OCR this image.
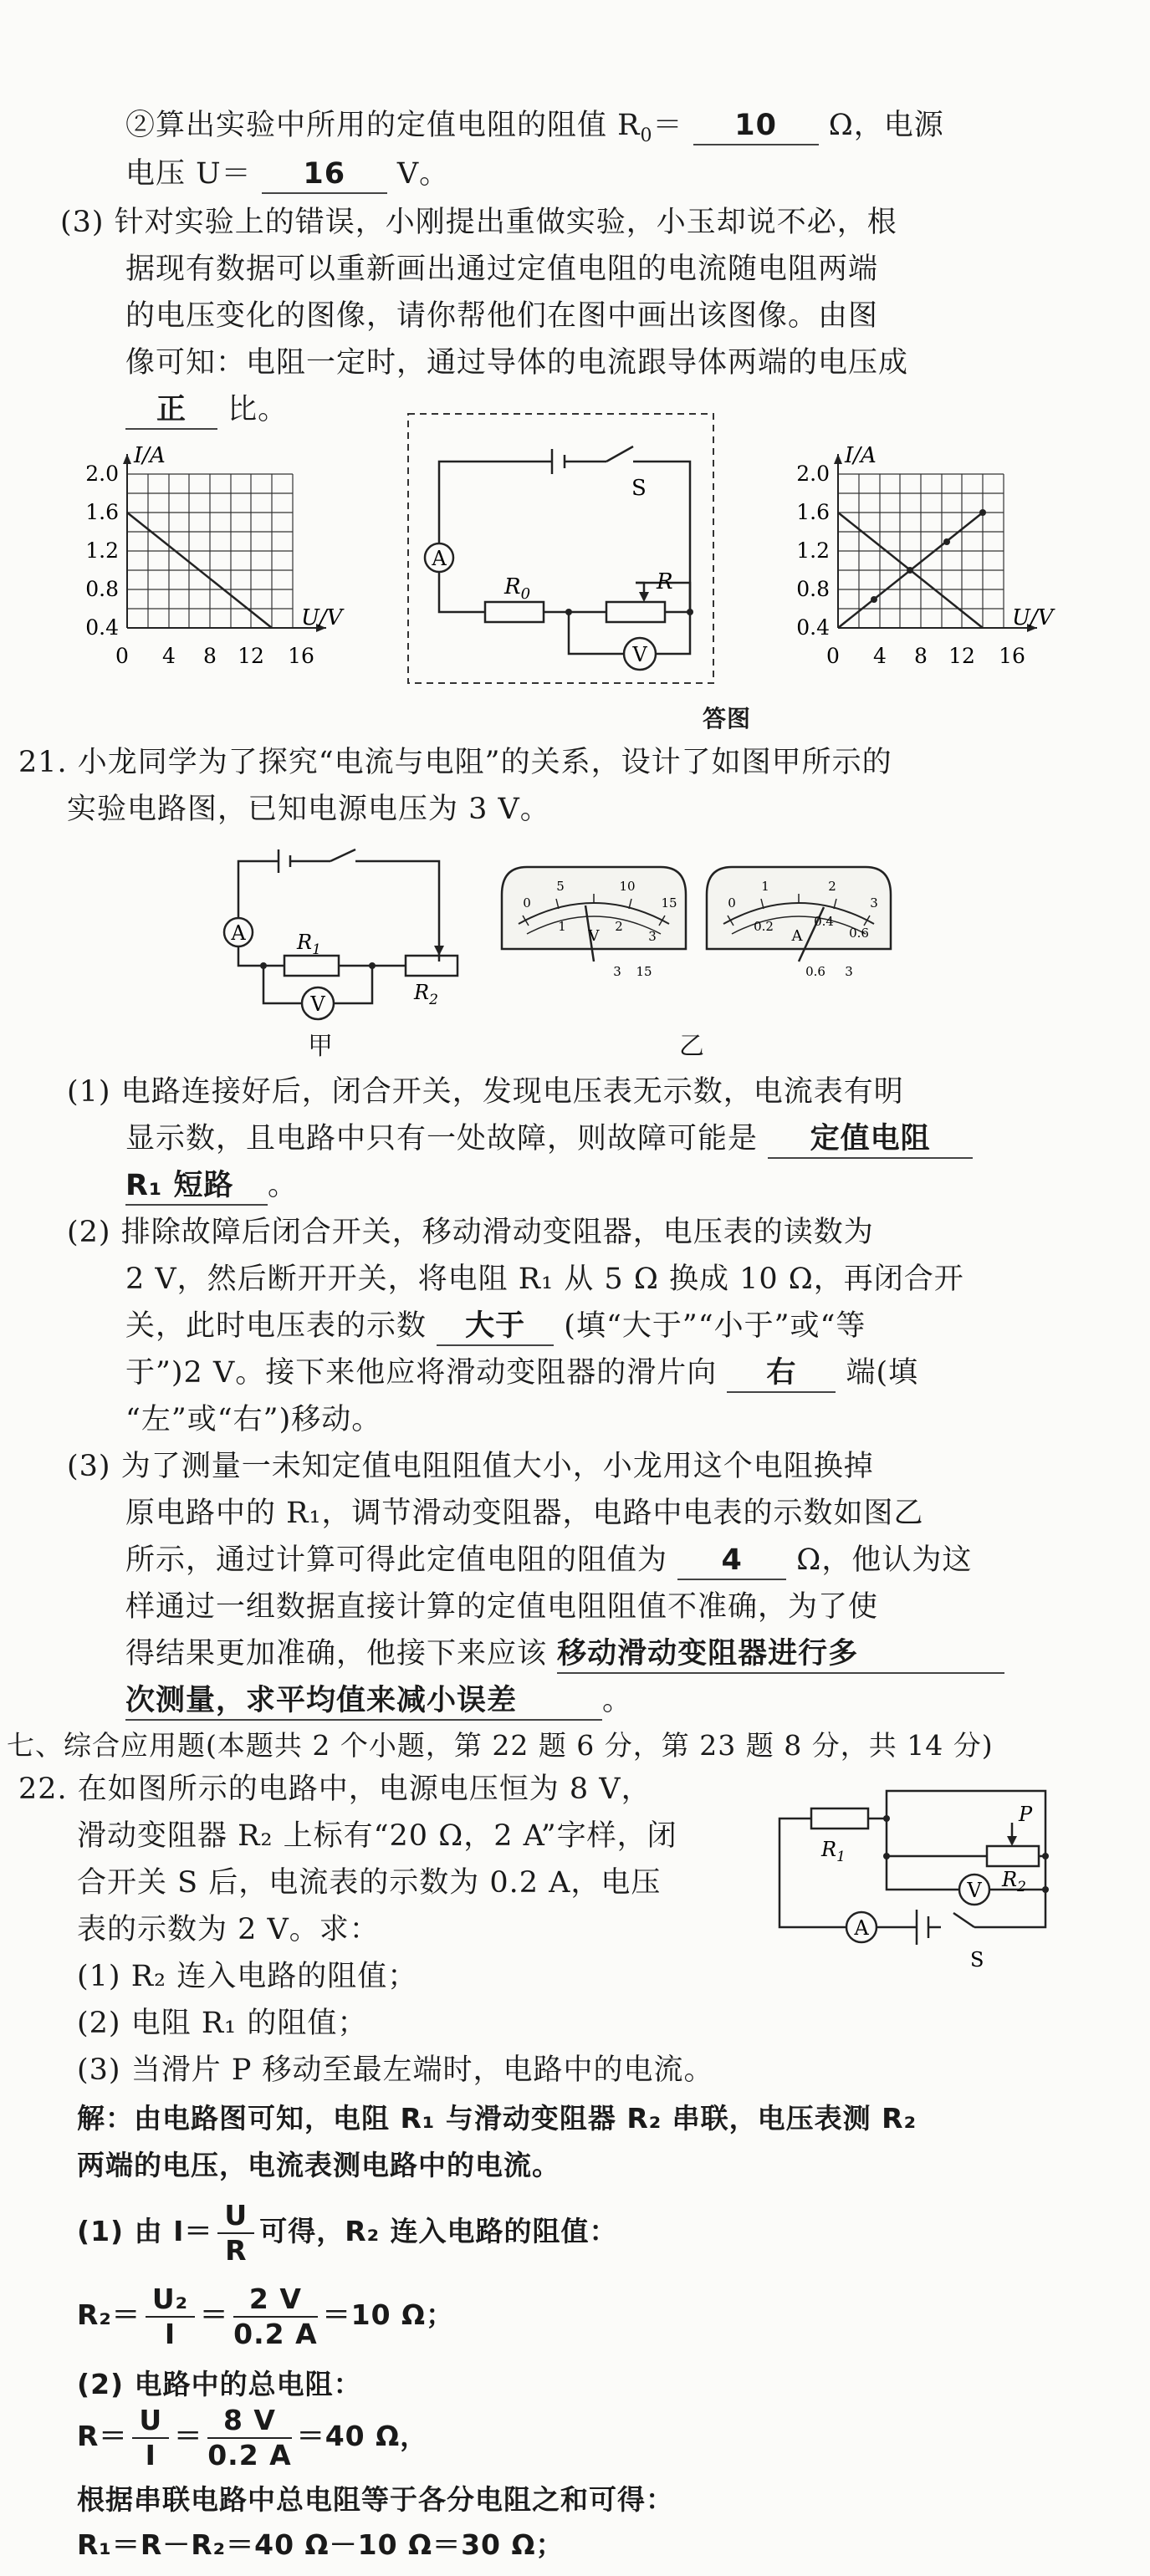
②算出实验中所用的定值电阻的阻值 $R_0= 10$ Ω，电源
电压 U＝ 16 V。
(3) 针对实验上的错误，小刚提出重做实验，小玉却说不必，根
据现有数据可以重新画出通过定值电阻的电流随电阻两端
的电压变化的图像，请你帮他们在图中画出该图像。由图
像可知：电阻一定时，通过导体的电流跟导体两端的电压成
正 比。
I/A
U/V
2.0
1.6
1.2
0.8
0.4
0 4 8 12 16
A
V
S
$R_0$	R
I/A
U/V
2.0
1.6
1.2
0.8
0.4
0 4 8 12 16
答图
21. 小龙同学为了探究“电流与电阻”的关系，设计了如图甲所示的
实验电路图，已知电源电压为 3 V。
A
V
$R_1$
$R_2$
甲
0
5	10
15
1	2
3
V
3 15
0
1	2
3
0.2	0.4
0.6
A
0.6 3
乙
(1) 电路连接好后，闭合开关，发现电压表无示数，电流表有明
显示数，且电路中只有一处故障，则故障可能是 定值电阻
R₁ 短路 。
(2) 排除故障后闭合开关，移动滑动变阻器，电压表的读数为
2 V，然后断开开关，将电阻 R₁ 从 5 Ω 换成 10 Ω，再闭合开
关，此时电压表的示数 大于 (填“大于”“小于”或“等
于”)2 V。接下来他应将滑动变阻器的滑片向 右 端(填
“左”或“右”)移动。
(3) 为了测量一未知定值电阻阻值大小，小龙用这个电阻换掉
原电路中的 R₁，调节滑动变阻器，电路中电表的示数如图乙
所示，通过计算可得此定值电阻的阻值为 4 Ω，他认为这
样通过一组数据直接计算的定值电阻阻值不准确，为了使
得结果更加准确，他接下来应该 移动滑动变阻器进行多
次测量，求平均值来减小误差	。
七、综合应用题(本题共 2 个小题，第 22 题 6 分，第 23 题 8 分，共 14 分)
22. 在如图所示的电路中，电源电压恒为 8 V，
滑动变阻器 R₂ 上标有“20 Ω，2 A”字样，闭
合开关 S 后，电流表的示数为 0.2 A，电压
表的示数为 2 V。求：
(1) R₂ 连入电路的阻值；
(2) 电阻 R₁ 的阻值；
(3) 当滑片 P 移动至最左端时，电路中的电流。
V
A
$R_1$
$R_2$
P
S
解：由电路图可知，电阻 R₁ 与滑动变阻器 R₂ 串联，电压表测 R₂
两端的电压，电流表测电路中的电流。
(1) 由 $I= \frac{U}{R}$ 可得，R₂ 连入电路的阻值：
$R_2= \frac{\text{U₂}}{I} = \frac{2 V}{0.2 A} =10$ Ω；
(2) 电路中的总电阻：
$R= \frac{U}{I} = \frac{8 V}{0.2 A} =40$ Ω，
根据串联电路中总电阻等于各分电阻之和可得：
R₁＝R－R₂＝40 Ω－10 Ω＝30 Ω；
